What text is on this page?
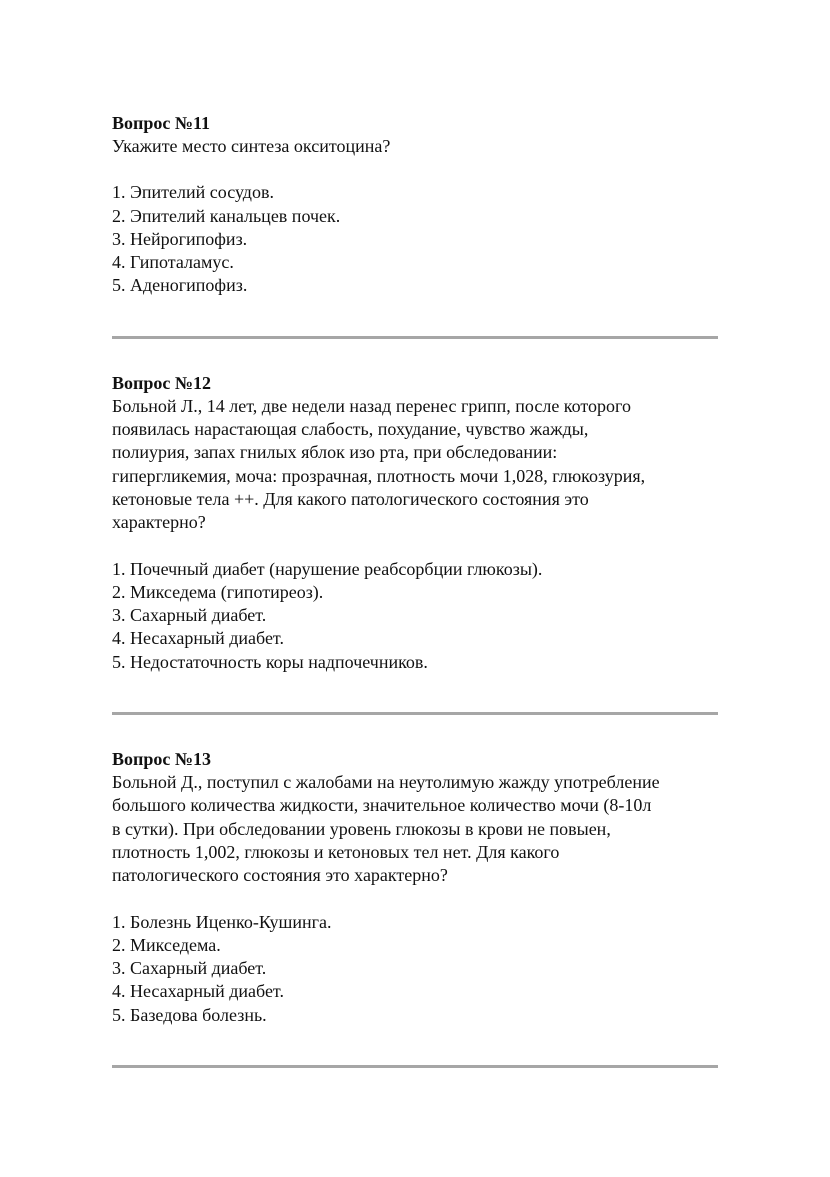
Вопрос №11

Укажите место синтеза окситоцина?

1. Эпителий сосудов.
2. Эпителий канальцев почек.
3. Нейрогипофиз.
4. Гипоталамус.
5. Аденогипофиз.

Вопрос №12

Больной Л., 14 лет, две недели назад перенес грипп, после которого
появилась нарастающая слабость, похудание, чувство жажды,
полиурия, запах гнилых яблок изо рта, при обследовании:
гипергликемия, моча: прозрачная, плотность мочи 1,028, глюкозурия,
кетоновые тела ++. Для какого патологического состояния это
характерно?

1. Почечный диабет (нарушение реабсорбции глюкозы).
2. Микседема (гипотиреоз).
3. Сахарный диабет.
4. Несахарный диабет.
5. Недостаточность коры надпочечников.

Вопрос №13

Больной Д., поступил с жалобами на неутолимую жажду употребление
большого количества жидкости, значительное количество мочи (8-10л
в сутки). При обследовании уровень глюкозы в крови не повыен,
плотность 1,002, глюкозы и кетоновых тел нет. Для какого
патологического состояния это характерно?

1. Болезнь Иценко-Кушинга.
2. Микседема.
3. Сахарный диабет.
4. Несахарный диабет.
5. Базедова болезнь.
